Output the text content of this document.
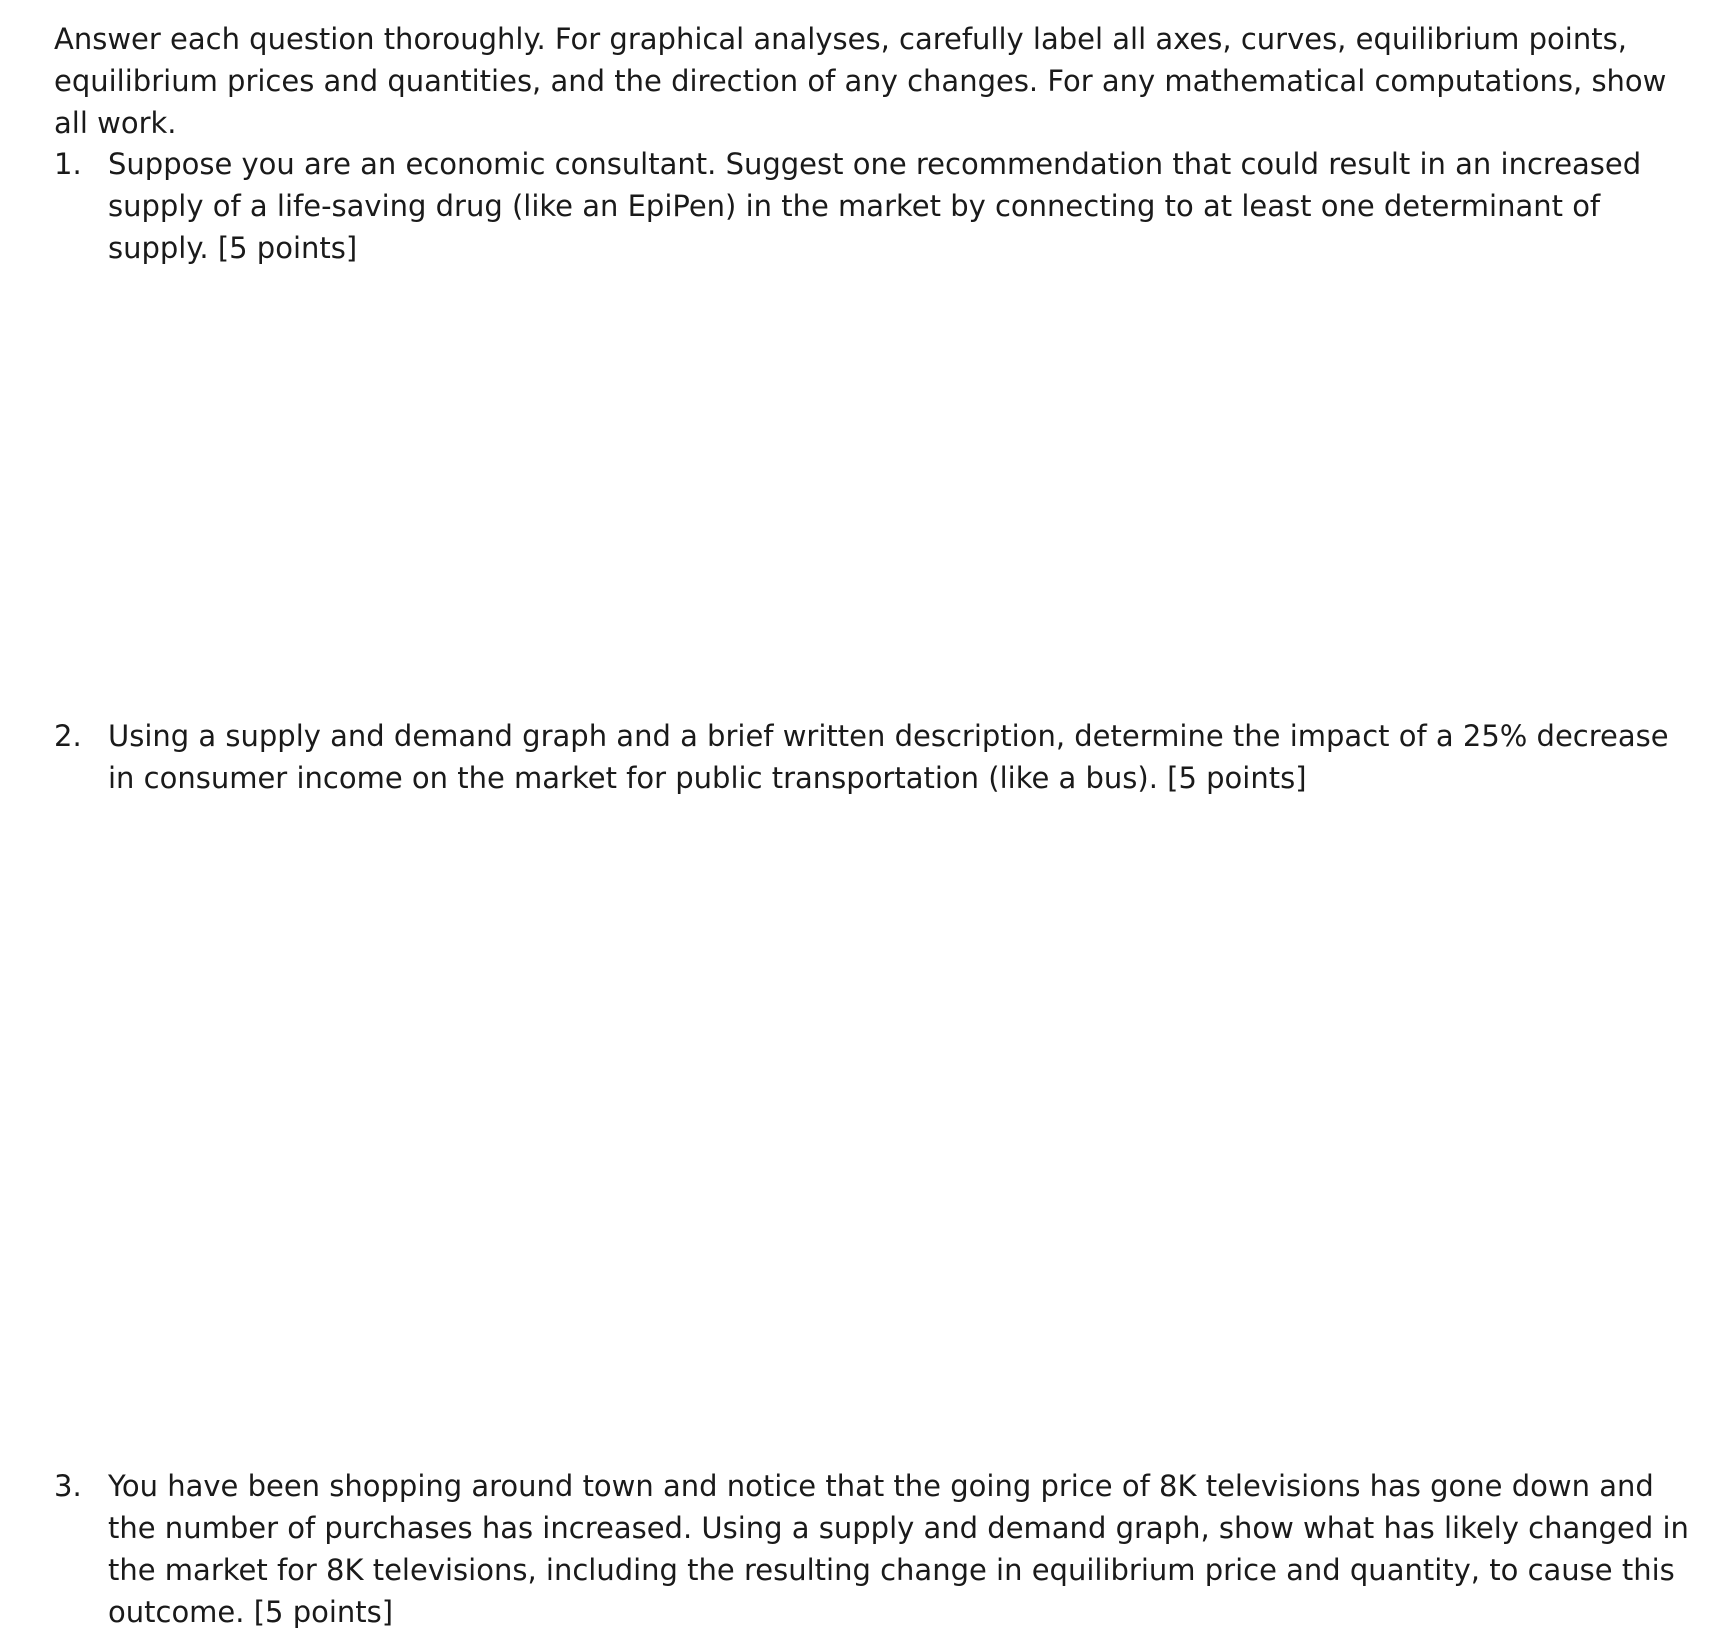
Answer each question thoroughly. For graphical analyses, carefully label all axes, curves, equilibrium points, equilibrium prices and quantities, and the direction of any changes. For any mathematical computations, show all work.

1. Suppose you are an economic consultant. Suggest one recommendation that could result in an increased supply of a life-saving drug (like an EpiPen) in the market by connecting to at least one determinant of supply. [5 points]

2. Using a supply and demand graph and a brief written description, determine the impact of a 25% decrease in consumer income on the market for public transportation (like a bus). [5 points]

3. You have been shopping around town and notice that the going price of 8K televisions has gone down and the number of purchases has increased. Using a supply and demand graph, show what has likely changed in the market for 8K televisions, including the resulting change in equilibrium price and quantity, to cause this outcome. [5 points]
